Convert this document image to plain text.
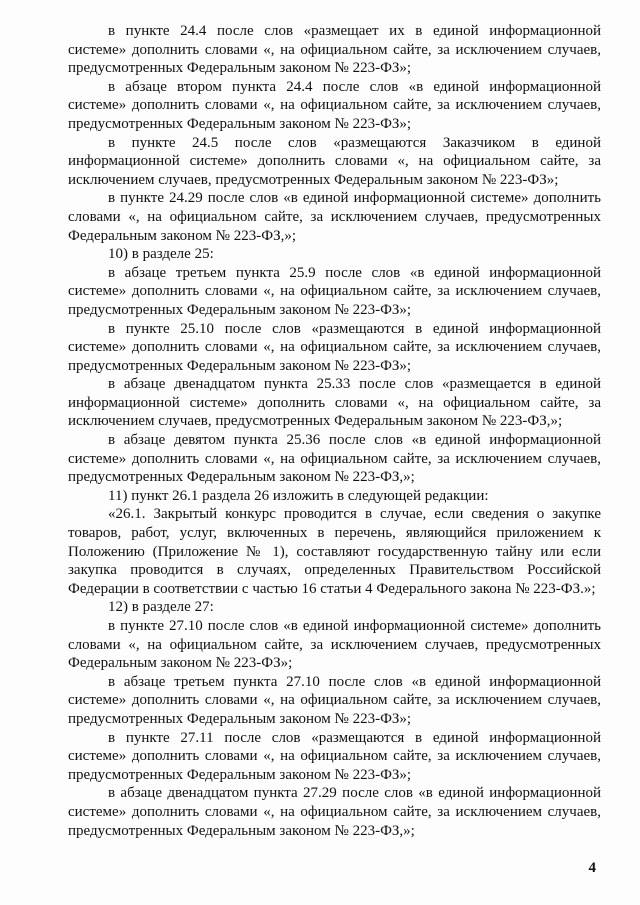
в пункте 24.4 после слов «размещает их в единой информационной системе» дополнить словами «, на официальном сайте, за исключением случаев, предусмотренных Федеральным законом № 223-ФЗ»;

в абзаце втором пункта 24.4 после слов «в единой информационной системе» дополнить словами «, на официальном сайте, за исключением случаев, предусмотренных Федеральным законом № 223-ФЗ»;

в пункте 24.5 после слов «размещаются Заказчиком в единой информационной системе» дополнить словами «, на официальном сайте, за исключением случаев, предусмотренных Федеральным законом № 223-ФЗ»;

в пункте 24.29 после слов «в единой информационной системе» дополнить словами «, на официальном сайте, за исключением случаев, предусмотренных Федеральным законом № 223-ФЗ,»;

10) в разделе 25:

в абзаце третьем пункта 25.9 после слов «в единой информационной системе» дополнить словами «, на официальном сайте, за исключением случаев, предусмотренных Федеральным законом № 223-ФЗ»;

в пункте 25.10 после слов «размещаются в единой информационной системе» дополнить словами «, на официальном сайте, за исключением случаев, предусмотренных Федеральным законом № 223-ФЗ»;

в абзаце двенадцатом пункта 25.33 после слов «размещается в единой информационной системе» дополнить словами «, на официальном сайте, за исключением случаев, предусмотренных Федеральным законом № 223-ФЗ,»;

в абзаце девятом пункта 25.36 после слов «в единой информационной системе» дополнить словами «, на официальном сайте, за исключением случаев, предусмотренных Федеральным законом № 223-ФЗ,»;

11) пункт 26.1 раздела 26 изложить в следующей редакции:

«26.1. Закрытый конкурс проводится в случае, если сведения о закупке товаров, работ, услуг, включенных в перечень, являющийся приложением к Положению (Приложение № 1), составляют государственную тайну или если закупка проводится в случаях, определенных Правительством Российской Федерации в соответствии с частью 16 статьи 4 Федерального закона № 223-ФЗ.»;

12) в разделе 27:

в пункте 27.10 после слов «в единой информационной системе» дополнить словами «, на официальном сайте, за исключением случаев, предусмотренных Федеральным законом № 223-ФЗ»;

в абзаце третьем пункта 27.10 после слов «в единой информационной системе» дополнить словами «, на официальном сайте, за исключением случаев, предусмотренных Федеральным законом № 223-ФЗ»;

в пункте 27.11 после слов «размещаются в единой информационной системе» дополнить словами «, на официальном сайте, за исключением случаев, предусмотренных Федеральным законом № 223-ФЗ»;

в абзаце двенадцатом пункта 27.29 после слов «в единой информационной системе» дополнить словами «, на официальном сайте, за исключением случаев, предусмотренных Федеральным законом № 223-ФЗ,»;

4
